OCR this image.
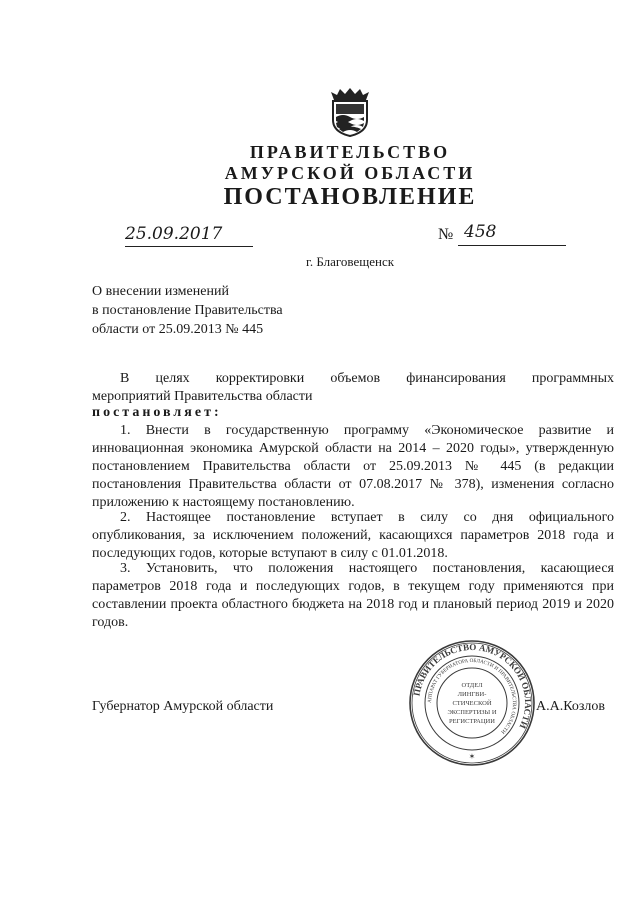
ПРАВИТЕЛЬСТВО
АМУРСКОЙ ОБЛАСТИ
ПОСТАНОВЛЕНИЕ
25.09.2017	№ 458
г. Благовещенск
О внесении изменений
в постановление Правительства
области от 25.09.2013 № 445
В целях корректировки объемов финансирования программных
мероприятий Правительства области
постановляет:
1. Внести в государственную программу «Экономическое развитие и инновационная экономика Амурской области на 2014 – 2020 годы», утвержденную постановлением Правительства области от 25.09.2013 № 445 (в редакции постановления Правительства области от 07.08.2017 № 378), изменения согласно приложению к настоящему постановлению.
2. Настоящее постановление вступает в силу со дня официального опубликования, за исключением положений, касающихся параметров 2018 года и последующих годов, которые вступают в силу с 01.01.2018.
3. Установить, что положения настоящего постановления, касающиеся параметров 2018 года и последующих годов, в текущем году применяются при составлении проекта областного бюджета на 2018 год и плановый период 2019 и 2020 годов.
Губернатор Амурской области	А.А.Козлов
ПРАВИТЕЛЬСТВО АМУРСКОЙ ОБЛАСТИ
АППАРАТ ГУБЕРНАТОРА ОБЛАСТИ И ПРАВИТЕЛЬСТВА ОБЛАСТИ
ОТДЕЛ
ЛИНГВИ-
СТИЧЕСКОЙ
ЭКСПЕРТИЗЫ И
РЕГИСТРАЦИИ
✶
